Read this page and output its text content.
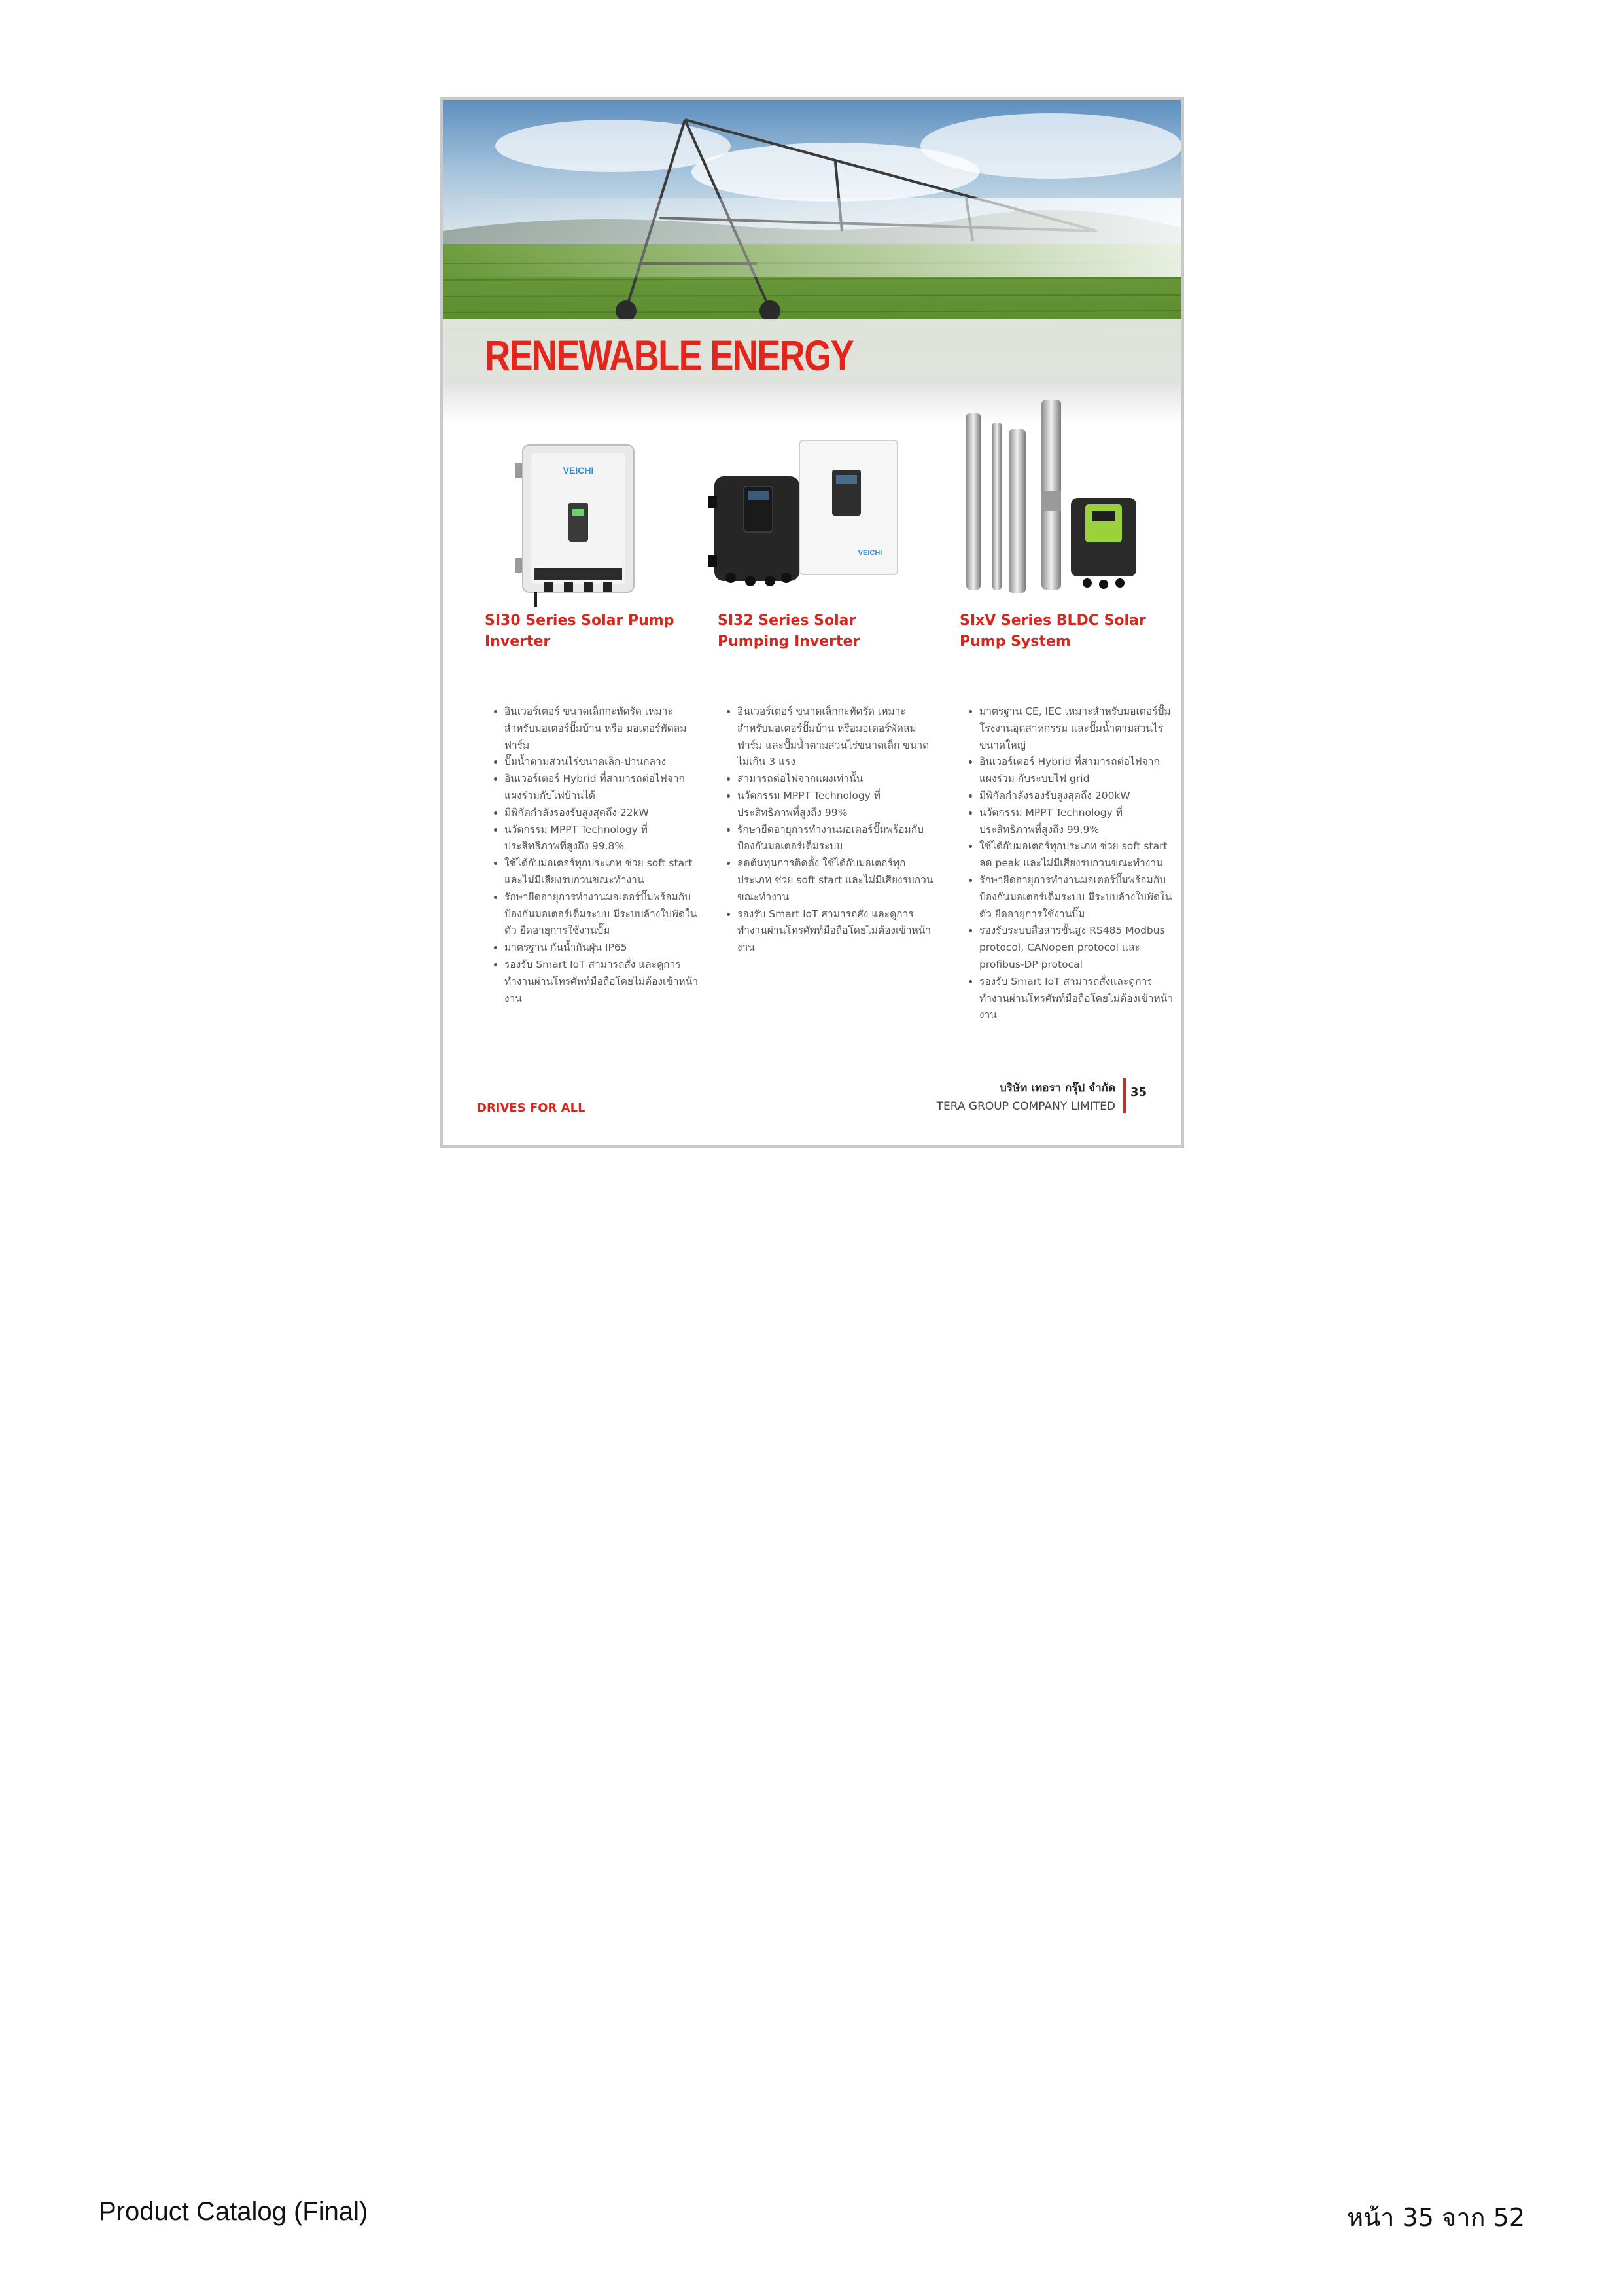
RENEWABLE ENERGY
VEICHI
VEICHI
SI30 Series Solar Pump Inverter
SI32 Series Solar Pumping Inverter
SIxV Series BLDC Solar Pump System
• อินเวอร์เตอร์ ขนาดเล็กกะทัดรัด เหมาะสำหรับมอเตอร์ปั๊มบ้าน หรือ มอเตอร์พัดลมฟาร์ม
• ปั๊มน้ำตามสวนไร่ขนาดเล็ก-ปานกลาง
• อินเวอร์เตอร์ Hybrid ที่สามารถต่อไฟจากแผงร่วมกับไฟบ้านได้
• มีพิกัดกำลังรองรับสูงสุดถึง 22kW
• นวัตกรรม MPPT Technology ที่ประสิทธิภาพที่สูงถึง 99.8%
• ใช้ได้กับมอเตอร์ทุกประเภท ช่วย soft start และไม่มีเสียงรบกวนขณะทำงาน
• รักษายืดอายุการทำงานมอเตอร์ปั๊มพร้อมกับป้องกันมอเตอร์เต็มระบบ มีระบบล้างใบพัดในตัว ยืดอายุการใช้งานปั๊ม
• มาตรฐาน กันน้ำกันฝุ่น IP65
• รองรับ Smart IoT สามารถสั่ง และดูการทำงานผ่านโทรศัพท์มือถือโดยไม่ต้องเข้าหน้างาน
• อินเวอร์เตอร์ ขนาดเล็กกะทัดรัด เหมาะสำหรับมอเตอร์ปั๊มบ้าน หรือมอเตอร์พัดลมฟาร์ม และปั๊มน้ำตามสวนไร่ขนาดเล็ก ขนาดไม่เกิน 3 แรง
• สามารถต่อไฟจากแผงเท่านั้น
• นวัตกรรม MPPT Technology ที่ประสิทธิภาพที่สูงถึง 99%
• รักษายืดอายุการทำงานมอเตอร์ปั๊มพร้อมกับป้องกันมอเตอร์เต็มระบบ
• ลดต้นทุนการติดตั้ง ใช้ได้กับมอเตอร์ทุกประเภท ช่วย soft start และไม่มีเสียงรบกวนขณะทำงาน
• รองรับ Smart IoT สามารถสั่ง และดูการทำงานผ่านโทรศัพท์มือถือโดยไม่ต้องเข้าหน้างาน
• มาตรฐาน CE, IEC เหมาะสำหรับมอเตอร์ปั๊มโรงงานอุตสาหกรรม และปั๊มน้ำตามสวนไร่ขนาดใหญ่
• อินเวอร์เตอร์ Hybrid ที่สามารถต่อไฟจากแผงร่วม กับระบบไฟ grid
• มีพิกัดกำลังรองรับสูงสุดถึง 200kW
• นวัตกรรม MPPT Technology ที่ประสิทธิภาพที่สูงถึง 99.9%
• ใช้ได้กับมอเตอร์ทุกประเภท ช่วย soft start ลด peak และไม่มีเสียงรบกวนขณะทำงาน
• รักษายืดอายุการทำงานมอเตอร์ปั๊มพร้อมกับป้องกันมอเตอร์เต็มระบบ มีระบบล้างใบพัดในตัว ยืดอายุการใช้งานปั๊ม
• รองรับระบบสื่อสารขั้นสูง RS485 Modbus protocol, CANopen protocol และ profibus-DP protocal
• รองรับ Smart IoT สามารถสั่งและดูการทำงานผ่านโทรศัพท์มือถือโดยไม่ต้องเข้าหน้างาน
DRIVES FOR ALL
บริษัท เทอรา กรุ๊ป จำกัด
TERA GROUP COMPANY LIMITED
35
Product Catalog (Final)	หน้า 35 จาก 52
